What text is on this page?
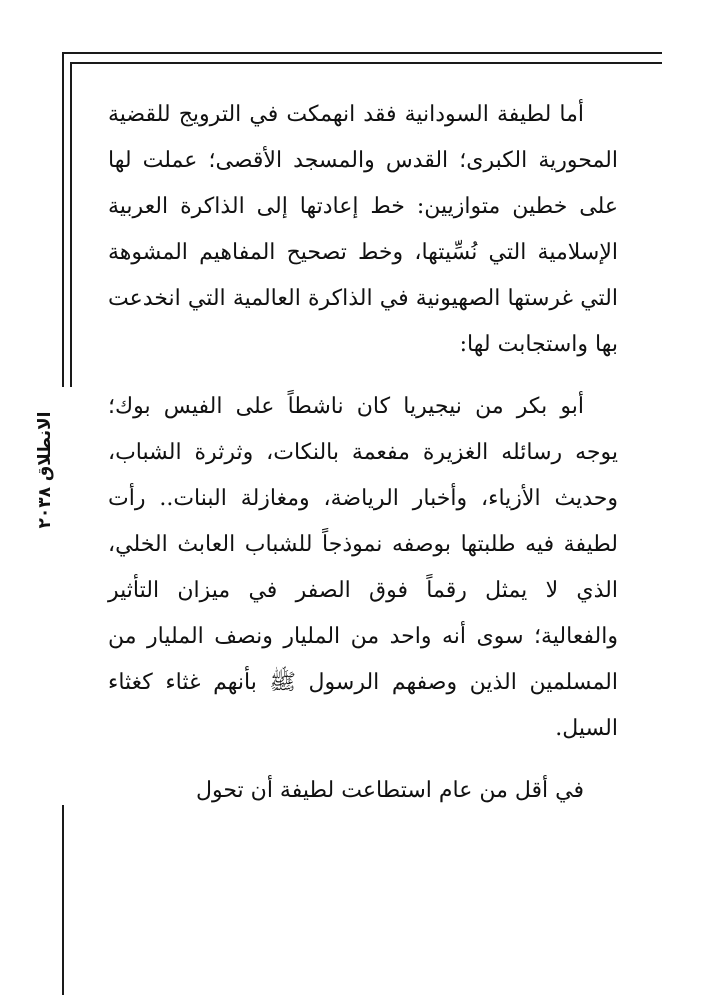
الانطلاق ٢٠٣٨

أما لطيفة السودانية فقد انهمكت في الترويج للقضية المحورية الكبرى؛ القدس والمسجد الأقصى؛ عملت لها على خطين متوازيين: خط إعادتها إلى الذاكرة العربية الإسلامية التي نُسِّيتها، وخط تصحيح المفاهيم المشوهة التي غرستها الصهيونية في الذاكرة العالمية التي انخدعت بها واستجابت لها:

أبو بكر من نيجيريا كان ناشطاً على الفيس بوك؛ يوجه رسائله الغزيرة مفعمة بالنكات، وثرثرة الشباب، وحديث الأزياء، وأخبار الرياضة، ومغازلة البنات.. رأت لطيفة فيه طلبتها بوصفه نموذجاً للشباب العابث الخلي، الذي لا يمثل رقماً فوق الصفر في ميزان التأثير والفعالية؛ سوى أنه واحد من المليار ونصف المليار من المسلمين الذين وصفهم الرسول ﷺ بأنهم غثاء كغثاء السيل.

في أقل من عام استطاعت لطيفة أن تحول
